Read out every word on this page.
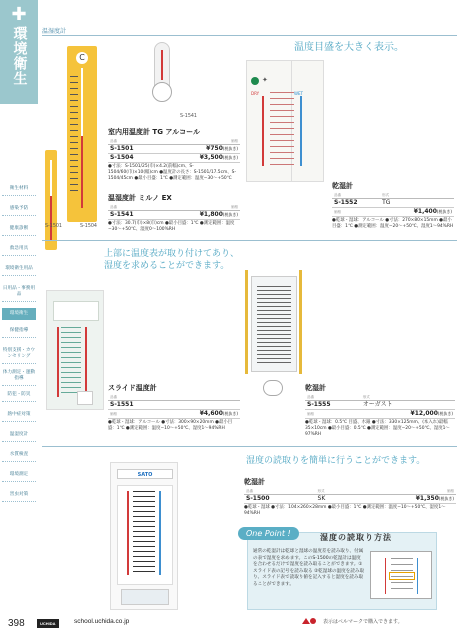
✚
環境衛生
衛生材料
感染予防
健康診断
救急用具
環境衛生用品
日用品・事務用品
環境衛生
保健指導
特別支援・カウンセリング
体力測定・運動指導
防犯・防災
熱中症対策
温湿度計
水質検査
環境測定
害虫対策
温湿度計
C
S-1501	S-1504
S-1541
室内用温度計 TG アルコール
品番	価格
S-1501	¥750(税抜き)
S-1504	¥3,500(税抜き)
●寸法：S-1501/25(巾)×4.2(前幅)cm、S-1504/60(巾)×10(幅)cm ●温度計の長さ：S-1501/17.5cm、S-1504/45cm ●最小目盛：1℃ ●測定範囲：温度−30〜+50℃
温湿度計 ミルノ EX
品番	価格
S-1541	¥1,800(税抜き)
●寸法：30.7(巾)×8(巾)cm ●最小目盛：1℃ ●測定範囲：温度−30〜+50℃、湿度0〜100%RH
温度目盛を大きく表示。
DRY	WET
✦
乾湿計
品番	形式
S-1552	TG
価格	¥1,400(税抜き)
●乾球・湿球：アルコール ●寸法：270×80×15mm ●最小目盛：1℃ ●測定範囲：温度−20〜+50℃、湿度1〜94%RH
上部に温度表が取り付けてあり、
湿度を求めることができます。
スライド温度計
品番	
S-1551	
価格	¥4,600(税抜き)
●乾球・湿球：アルコール ●寸法：300×90×20mm ●最小目盛：1℃ ●測定範囲：温度−10〜+50℃、湿度1〜94%RH
乾湿計
品番	形式
S-1555	オーガスト
価格	¥12,000(税抜き)
●乾球・湿球：0.5℃ 目盛、水銀 ●寸法：330×125mm、(本入れ)最幅35×10cm ●最小目盛：0.5℃ ●測定範囲：温度−20〜+50℃、湿度1〜97%RH
湿度の読取りを簡単に行うことができます。
SATO
乾湿計
品番	形式	価格
S-1500	SK	¥1,350(税抜き)
●乾球・湿球 ●寸法：104×260×28mm ●最小目盛：1℃ ●測定範囲：温度−10〜+50℃、湿度1〜94%RH
One Point !	湿度の読取り方法
通常の乾湿計は乾球と湿球の温度差を読み取り、付属の表で湿度を求めます。このS-1500の乾湿計は温度を合わせるだけで湿度を読み取ることができます。①スライド表の記号を読み取る ②乾湿球の温度を読み取り、スライド表で読取り値を記入すると湿度を読み取ることができます。
398	UCHIDA	school.uchida.co.jp	表示はペルマークで購入できます。
